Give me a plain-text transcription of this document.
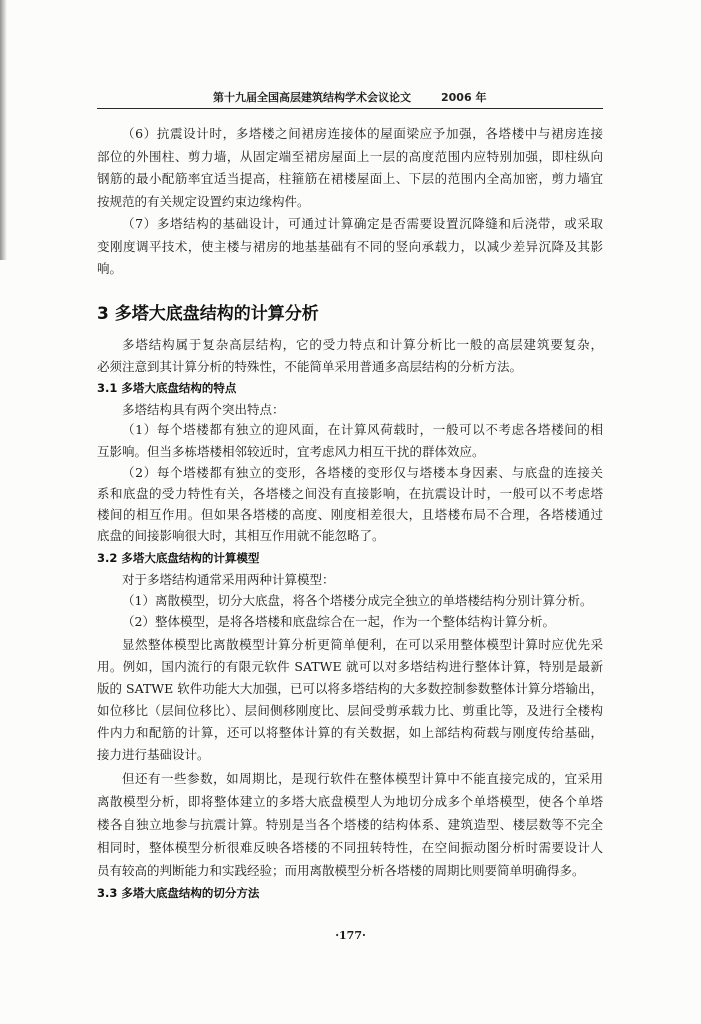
第十九届全国高层建筑结构学术会议论文	2006 年
（6）抗震设计时，多塔楼之间裙房连接体的屋面梁应予加强，各塔楼中与裙房连接
部位的外围柱、剪力墙，从固定端至裙房屋面上一层的高度范围内应特别加强，即柱纵向
钢筋的最小配筋率宜适当提高，柱箍筋在裙楼屋面上、下层的范围内全高加密，剪力墙宜
按规范的有关规定设置约束边缘构件。
（7）多塔结构的基础设计，可通过计算确定是否需要设置沉降缝和后浇带，或采取
变刚度调平技术，使主楼与裙房的地基基础有不同的竖向承载力，以减少差异沉降及其影
响。
3 多塔大底盘结构的计算分析
多塔结构属于复杂高层结构，它的受力特点和计算分析比一般的高层建筑要复杂，
必须注意到其计算分析的特殊性，不能简单采用普通多高层结构的分析方法。
3.1 多塔大底盘结构的特点
多塔结构具有两个突出特点：
（1）每个塔楼都有独立的迎风面，在计算风荷载时，一般可以不考虑各塔楼间的相
互影响。但当多栋塔楼相邻较近时，宜考虑风力相互干扰的群体效应。
（2）每个塔楼都有独立的变形，各塔楼的变形仅与塔楼本身因素、与底盘的连接关
系和底盘的受力特性有关，各塔楼之间没有直接影响，在抗震设计时，一般可以不考虑塔
楼间的相互作用。但如果各塔楼的高度、刚度相差很大，且塔楼布局不合理，各塔楼通过
底盘的间接影响很大时，其相互作用就不能忽略了。
3.2 多塔大底盘结构的计算模型
对于多塔结构通常采用两种计算模型：
（1）离散模型，切分大底盘，将各个塔楼分成完全独立的单塔楼结构分别计算分析。
（2）整体模型，是将各塔楼和底盘综合在一起，作为一个整体结构计算分析。
显然整体模型比离散模型计算分析更简单便利，在可以采用整体模型计算时应优先采
用。例如，国内流行的有限元软件 SATWE 就可以对多塔结构进行整体计算，特别是最新
版的 SATWE 软件功能大大加强，已可以将多塔结构的大多数控制参数整体计算分塔输出，
如位移比（层间位移比）、层间侧移刚度比、层间受剪承载力比、剪重比等，及进行全楼构
件内力和配筋的计算，还可以将整体计算的有关数据，如上部结构荷载与刚度传给基础，
接力进行基础设计。
但还有一些参数，如周期比，是现行软件在整体模型计算中不能直接完成的，宜采用
离散模型分析，即将整体建立的多塔大底盘模型人为地切分成多个单塔模型，使各个单塔
楼各自独立地参与抗震计算。特别是当各个塔楼的结构体系、建筑造型、楼层数等不完全
相同时，整体模型分析很难反映各塔楼的不同扭转特性，在空间振动图分析时需要设计人
员有较高的判断能力和实践经验；而用离散模型分析各塔楼的周期比则要简单明确得多。
3.3 多塔大底盘结构的切分方法
·177·
